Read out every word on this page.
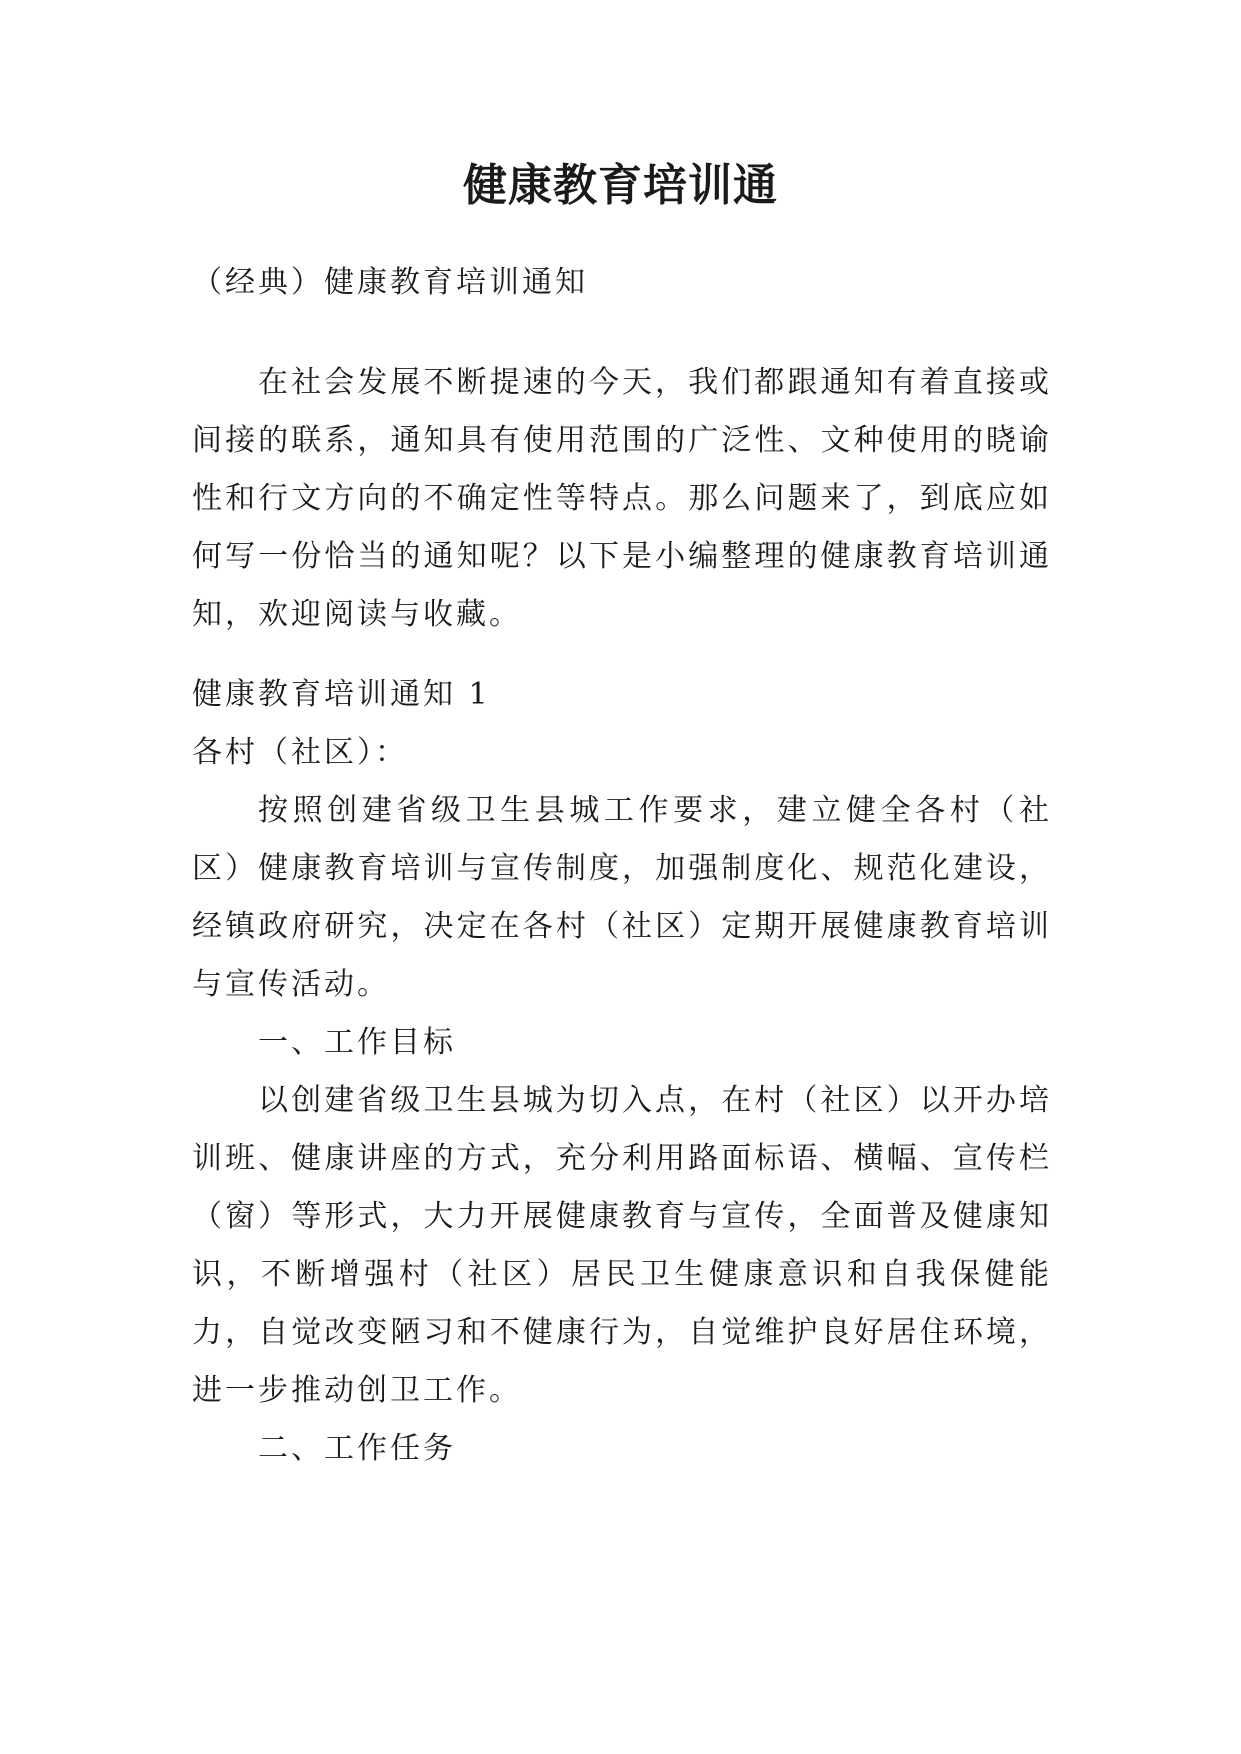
健康教育培训通

（经典）健康教育培训通知

在社会发展不断提速的今天，我们都跟通知有着直接或间接的联系，通知具有使用范围的广泛性、文种使用的晓谕性和行文方向的不确定性等特点。那么问题来了，到底应如何写一份恰当的通知呢？以下是小编整理的健康教育培训通知，欢迎阅读与收藏。

健康教育培训通知 1

各村（社区）：

按照创建省级卫生县城工作要求，建立健全各村（社区）健康教育培训与宣传制度，加强制度化、规范化建设，经镇政府研究，决定在各村（社区）定期开展健康教育培训与宣传活动。

一、工作目标

以创建省级卫生县城为切入点，在村（社区）以开办培训班、健康讲座的方式，充分利用路面标语、横幅、宣传栏（窗）等形式，大力开展健康教育与宣传，全面普及健康知识，不断增强村（社区）居民卫生健康意识和自我保健能力，自觉改变陋习和不健康行为，自觉维护良好居住环境，进一步推动创卫工作。

二、工作任务
